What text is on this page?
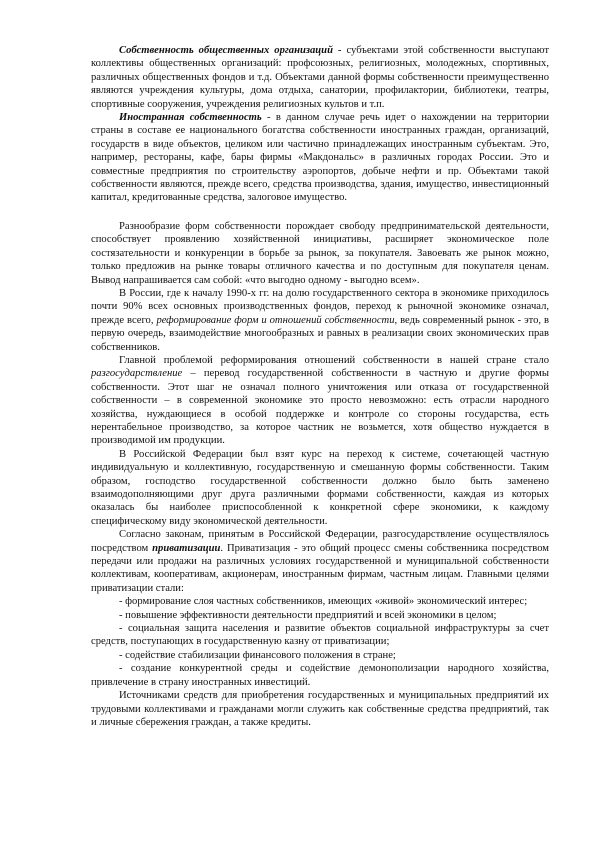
Собственность общественных организаций - субъектами этой собственности выступают коллективы общественных организаций: профсоюзных, религиозных, молодежных, спортивных, различных общественных фондов и т.д. Объектами данной формы собственности преимущественно являются учреждения культуры, дома отдыха, санатории, профилактории, библиотеки, театры, спортивные сооружения, учреждения религиозных культов и т.п.

Иностранная собственность - в данном случае речь идет о нахождении на территории страны в составе ее национального богатства собственности иностранных граждан, организаций, государств в виде объектов, целиком или частично принадлежащих иностранным субъектам. Это, например, рестораны, кафе, бары фирмы «Макдональс» в различных городах России. Это и совместные предприятия по строительству аэропортов, добыче нефти и пр. Объектами такой собственности являются, прежде всего, средства производства, здания, имущество, инвестиционный капитал, кредитованные средства, залоговое имущество.

Разнообразие форм собственности порождает свободу предпринимательской деятельности, способствует проявлению хозяйственной инициативы, расширяет экономическое поле состязательности и конкуренции в борьбе за рынок, за покупателя. Завоевать же рынок можно, только предложив на рынке товары отличного качества и по доступным для покупателя ценам. Вывод напрашивается сам собой: «что выгодно одному - выгодно всем».

В России, где к началу 1990-х гг. на долю государственного сектора в экономике приходилось почти 90% всех основных производственных фондов, переход к рыночной экономике означал, прежде всего, реформирование форм и отношений собственности, ведь современный рынок - это, в первую очередь, взаимодействие многообразных и равных в реализации своих экономических прав собственников.

Главной проблемой реформирования отношений собственности в нашей стране стало разгосударствление – перевод государственной собственности в частную и другие формы собственности. Этот шаг не означал полного уничтожения или отказа от государственной собственности – в современной экономике это просто невозможно: есть отрасли народного хозяйства, нуждающиеся в особой поддержке и контроле со стороны государства, есть нерентабельное производство, за которое частник не возьмется, хотя общество нуждается в производимой им продукции.

В Российской Федерации был взят курс на переход к системе, сочетающей частную индивидуальную и коллективную, государственную и смешанную формы собственности. Таким образом, господство государственной собственности должно было быть заменено взаимодополняющими друг друга различными формами собственности, каждая из которых оказалась бы наиболее приспособленной к конкретной сфере экономики, к каждому специфическому виду экономической деятельности.

Согласно законам, принятым в Российской Федерации, разгосударствление осуществлялось посредством приватизации. Приватизация - это общий процесс смены собственника посредством передачи или продажи на различных условиях государственной и муниципальной собственности коллективам, кооперативам, акционерам, иностранным фирмам, частным лицам. Главными целями приватизации стали:

- формирование слоя частных собственников, имеющих «живой» экономический интерес;

- повышение эффективности деятельности предприятий и всей экономики в целом;

- социальная защита населения и развитие объектов социальной инфраструктуры за счет средств, поступающих в государственную казну от приватизации;

- содействие стабилизации финансового положения в стране;

- создание конкурентной среды и содействие демонополизации народного хозяйства, привлечение в страну иностранных инвестиций.

Источниками средств для приобретения государственных и муниципальных предприятий их трудовыми коллективами и гражданами могли служить как собственные средства предприятий, так и личные сбережения граждан, а также кредиты.
